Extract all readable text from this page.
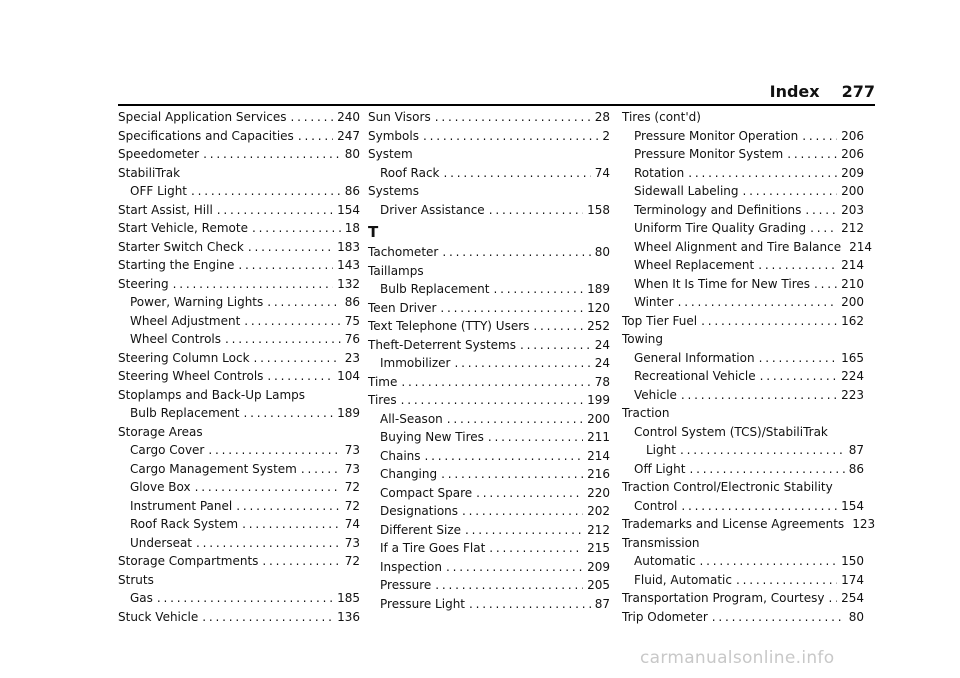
Index 277
Special Application Services . . .	240
Specifications and Capacities . . .	247
Speedometer . . .	80
StabiliTrak
OFF Light . . .	86
Start Assist, Hill . . .	154
Start Vehicle, Remote . . .	18
Starter Switch Check . . .	183
Starting the Engine . . .	143
Steering . . .	132
Power, Warning Lights . . .	86
Wheel Adjustment . . .	75
Wheel Controls . . .	76
Steering Column Lock . . .	23
Steering Wheel Controls . . .	104
Stoplamps and Back-Up Lamps
Bulb Replacement . . .	189
Storage Areas
Cargo Cover . . .	73
Cargo Management System . . .	73
Glove Box . . .	72
Instrument Panel . . .	72
Roof Rack System . . .	74
Underseat . . .	73
Storage Compartments . . .	72
Struts
Gas . . .	185
Stuck Vehicle . . .	136
Sun Visors . . .	28
Symbols . . .	2
System
Roof Rack . . .	74
Systems
Driver Assistance . . .	158
T
Tachometer . . .	80
Taillamps
Bulb Replacement . . .	189
Teen Driver . . .	120
Text Telephone (TTY) Users . . .	252
Theft-Deterrent Systems . . .	24
Immobilizer . . .	24
Time . . .	78
Tires . . .	199
All-Season . . .	200
Buying New Tires . . .	211
Chains . . .	214
Changing . . .	216
Compact Spare . . .	220
Designations . . .	202
Different Size . . .	212
If a Tire Goes Flat . . .	215
Inspection . . .	209
Pressure . . .	205
Pressure Light . . .	87
Tires (cont'd)
Pressure Monitor Operation . . .	206
Pressure Monitor System . . .	206
Rotation . . .	209
Sidewall Labeling . . .	200
Terminology and Definitions . . .	203
Uniform Tire Quality Grading . . .	212
Wheel Alignment and Tire Balance 214
Wheel Replacement . . .	214
When It Is Time for New Tires . . .	210
Winter . . .	200
Top Tier Fuel . . .	162
Towing
General Information . . .	165
Recreational Vehicle . . .	224
Vehicle . . .	223
Traction
Control System (TCS)/StabiliTrak
Light . . .	87
Off Light . . .	86
Traction Control/Electronic Stability
Control . . .	154
Trademarks and License Agreements 123
Transmission
Automatic . . .	150
Fluid, Automatic . . .	174
Transportation Program, Courtesy . . . 254
Trip Odometer . . .	80
carmanualsonline.info
